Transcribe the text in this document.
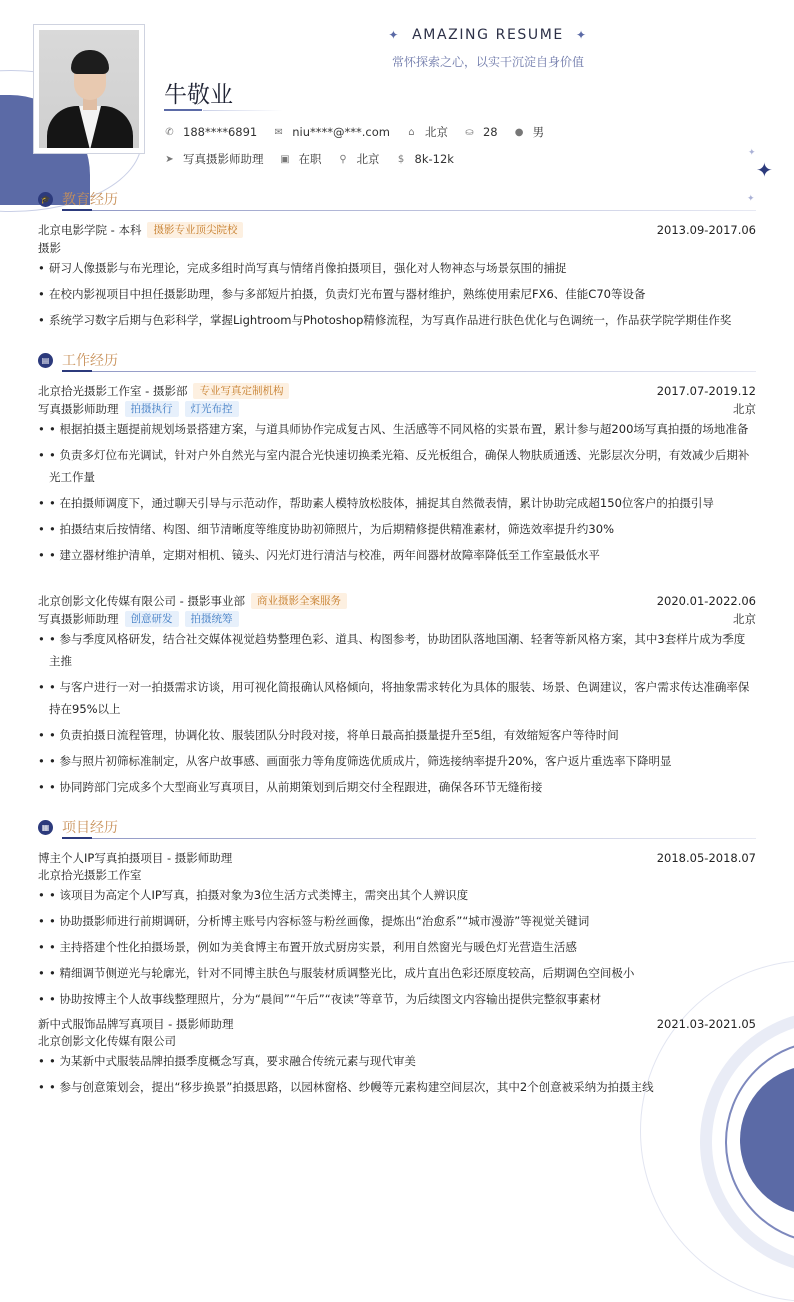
✦ AMAZING RESUME ✦
常怀探索之心，以实干沉淀自身价值
牛敬业
✆ 188****6891 ✉ niu****@***.com ⌂ 北京 ⛀ 28 ● 男
➤ 写真摄影师助理 ▣ 在职 ⚲ 北京 $ 8k-12k	✦
✦
✦
🎓 教育经历
北京电影学院 - 本科	摄影专业顶尖院校	2013.09-2017.06
摄影
• 研习人像摄影与布光理论，完成多组时尚写真与情绪肖像拍摄项目，强化对人物神态与场景氛围的捕捉
• 在校内影视项目中担任摄影助理，参与多部短片拍摄，负责灯光布置与器材维护，熟练使用索尼FX6、佳能C70等设备
• 系统学习数字后期与色彩科学，掌握Lightroom与Photoshop精修流程，为写真作品进行肤色优化与色调统一，作品获学院学期佳作奖
▤ 工作经历
北京拾光摄影工作室 - 摄影部	专业写真定制机构	2017.07-2019.12
写真摄影师助理	拍摄执行	灯光布控	北京
• • 根据拍摄主题提前规划场景搭建方案，与道具师协作完成复古风、生活感等不同风格的实景布置，累计参与超200场写真拍摄的场地准备
• • 负责多灯位布光调试，针对户外自然光与室内混合光快速切换柔光箱、反光板组合，确保人物肤质通透、光影层次分明，有效减少后期补光工作量
• • 在拍摄师调度下，通过聊天引导与示范动作，帮助素人模特放松肢体，捕捉其自然微表情，累计协助完成超150位客户的拍摄引导
• • 拍摄结束后按情绪、构图、细节清晰度等维度协助初筛照片，为后期精修提供精准素材，筛选效率提升约30%
• • 建立器材维护清单，定期对相机、镜头、闪光灯进行清洁与校准，两年间器材故障率降低至工作室最低水平
北京创影文化传媒有限公司 - 摄影事业部	商业摄影全案服务	2020.01-2022.06
写真摄影师助理	创意研发	拍摄统筹	北京
• • 参与季度风格研发，结合社交媒体视觉趋势整理色彩、道具、构图参考，协助团队落地国潮、轻奢等新风格方案，其中3套样片成为季度主推
• • 与客户进行一对一拍摄需求访谈，用可视化简报确认风格倾向，将抽象需求转化为具体的服装、场景、色调建议，客户需求传达准确率保持在95%以上
• • 负责拍摄日流程管理，协调化妆、服装团队分时段对接，将单日最高拍摄量提升至5组，有效缩短客户等待时间
• • 参与照片初筛标准制定，从客户故事感、画面张力等角度筛选优质成片，筛选接纳率提升20%，客户返片重选率下降明显
• • 协同跨部门完成多个大型商业写真项目，从前期策划到后期交付全程跟进，确保各环节无缝衔接
▦ 项目经历
博主个人IP写真拍摄项目 - 摄影师助理	2018.05-2018.07
北京拾光摄影工作室
• • 该项目为高定个人IP写真，拍摄对象为3位生活方式类博主，需突出其个人辨识度
• • 协助摄影师进行前期调研，分析博主账号内容标签与粉丝画像，提炼出“治愈系”“城市漫游”等视觉关键词
• • 主持搭建个性化拍摄场景，例如为美食博主布置开放式厨房实景，利用自然窗光与暖色灯光营造生活感
• • 精细调节侧逆光与轮廓光，针对不同博主肤色与服装材质调整光比，成片直出色彩还原度较高，后期调色空间极小
• • 协助按博主个人故事线整理照片，分为“晨间”“午后”“夜读”等章节，为后续图文内容输出提供完整叙事素材
新中式服饰品牌写真项目 - 摄影师助理	2021.03-2021.05
北京创影文化传媒有限公司
• • 为某新中式服装品牌拍摄季度概念写真，要求融合传统元素与现代审美
• • 参与创意策划会，提出“移步换景”拍摄思路，以园林窗格、纱幔等元素构建空间层次，其中2个创意被采纳为拍摄主线
